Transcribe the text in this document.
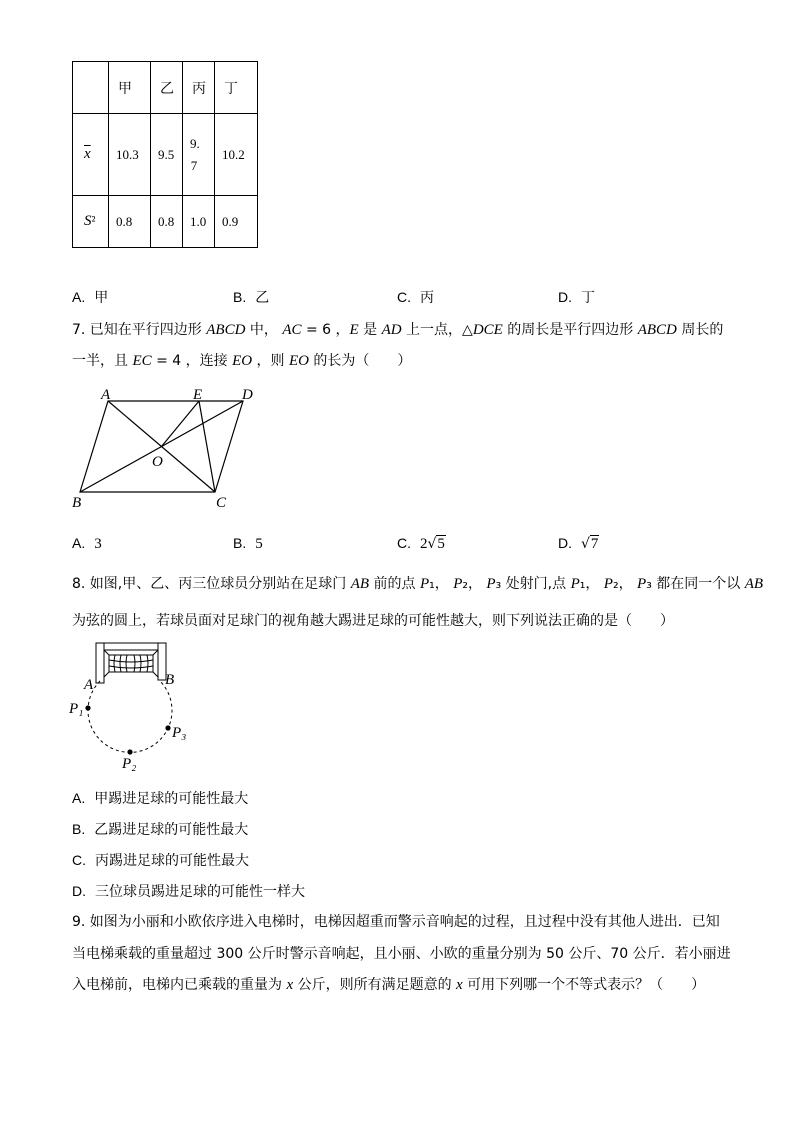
	甲	乙	丙	丁
$\overline{x}$	10.3	9.5	9.7	10.2
S²	0.8	0.8	1.0	0.9
A. 甲	B. 乙	C. 丙	D. 丁
7. 已知在平行四边形 ABCD 中， AC = 6 ，E 是 AD 上一点，△DCE 的周长是平行四边形 ABCD 周长的
一半，且 EC = 4 ，连接 EO ，则 EO 的长为（　　）
A	E	D
O
B	C
A. 3	B. 5	C. 2√5	D. √7
8. 如图,甲、乙、丙三位球员分别站在足球门 AB 前的点 P₁， P₂， P₃ 处射门,点 P₁， P₂， P₃ 都在同一个以 AB
为弦的圆上，若球员面对足球门的视角越大踢进足球的可能性越大，则下列说法正确的是（　　）
A	B
P₁
P₂
P₃
A. 甲踢进足球的可能性最大
B. 乙踢进足球的可能性最大
C. 丙踢进足球的可能性最大
D. 三位球员踢进足球的可能性一样大
9. 如图为小丽和小欧依序进入电梯时，电梯因超重而警示音响起的过程，且过程中没有其他人进出．已知
当电梯乘载的重量超过 300 公斤时警示音响起，且小丽、小欧的重量分别为 50 公斤、70 公斤．若小丽进
入电梯前，电梯内已乘载的重量为 x 公斤，则所有满足题意的 x 可用下列哪一个不等式表示？（　　）
